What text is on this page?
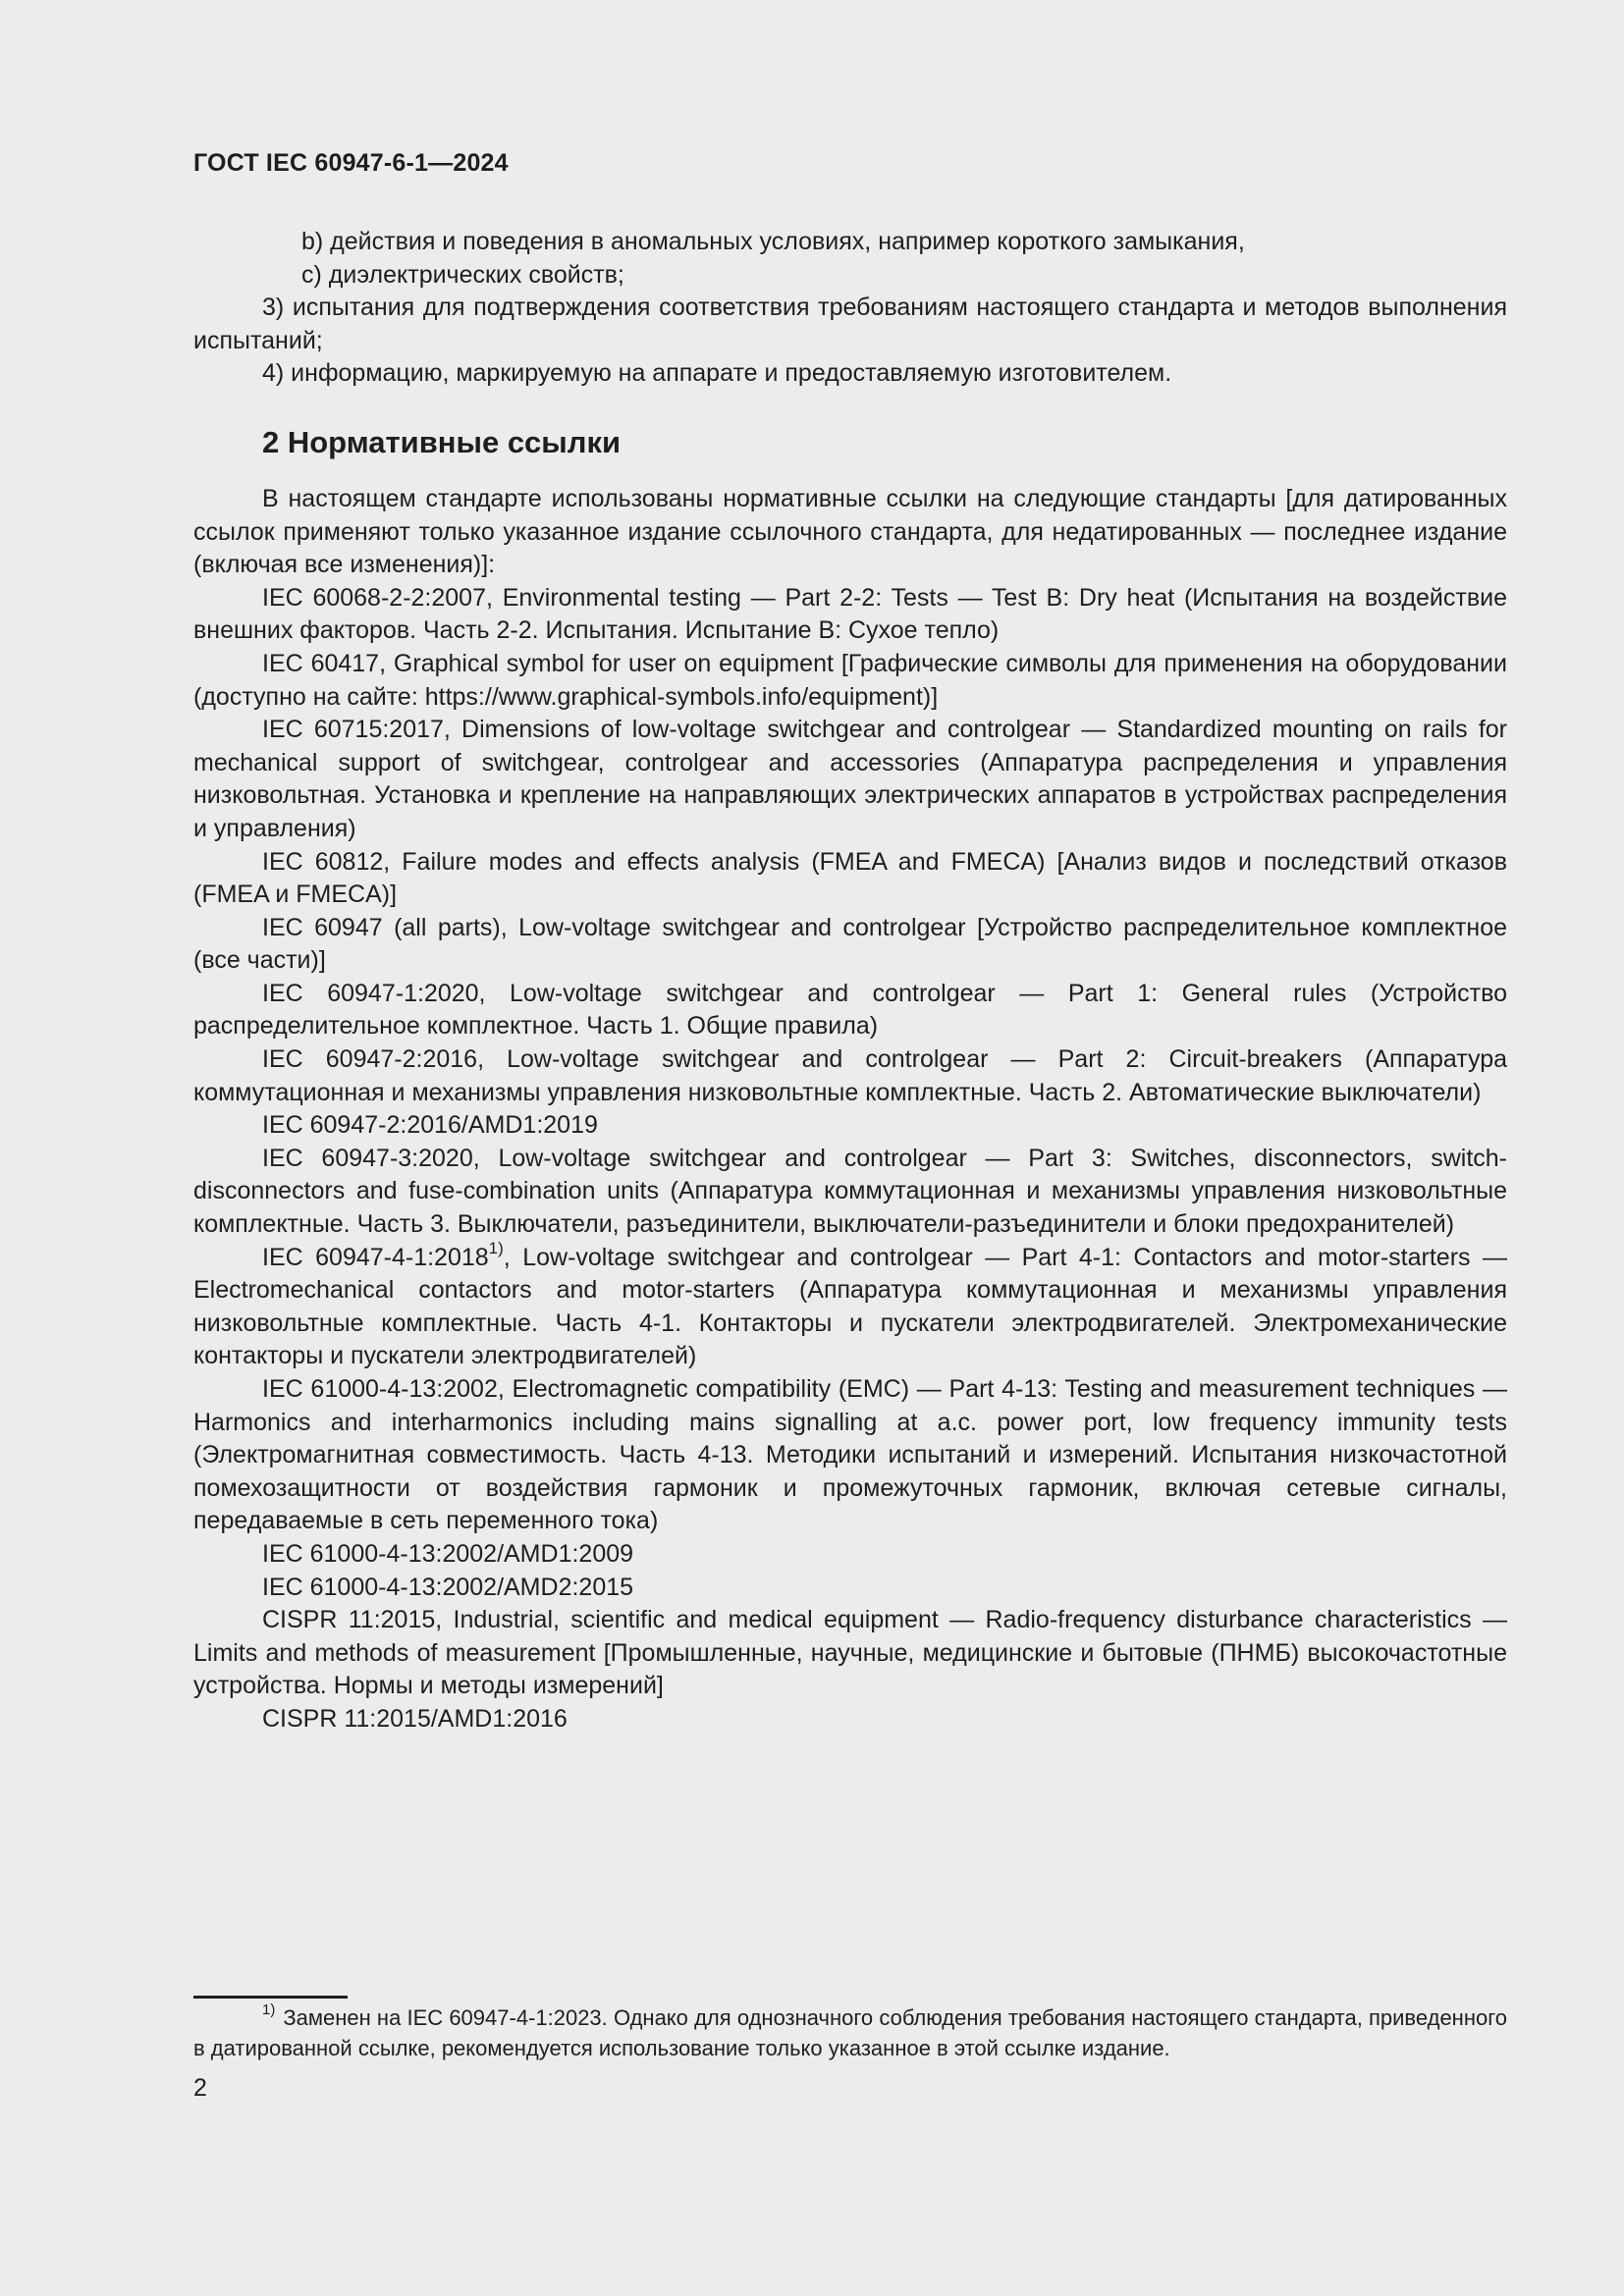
ГОСТ IEC 60947-6-1—2024

b) действия и поведения в аномальных условиях, например короткого замыкания,

c) диэлектрических свойств;

3) испытания для подтверждения соответствия требованиям настоящего стандарта и методов выполнения испытаний;

4) информацию, маркируемую на аппарате и предоставляемую изготовителем.

2 Нормативные ссылки

В настоящем стандарте использованы нормативные ссылки на следующие стандарты [для датированных ссылок применяют только указанное издание ссылочного стандарта, для недатированных — последнее издание (включая все изменения)]:

IEC 60068-2-2:2007, Environmental testing — Part 2-2: Tests — Test B: Dry heat (Испытания на воздействие внешних факторов. Часть 2-2. Испытания. Испытание B: Сухое тепло)

IEC 60417, Graphical symbol for user on equipment [Графические символы для применения на оборудовании (доступно на сайте: https://www.graphical-symbols.info/equipment)]

IEC 60715:2017, Dimensions of low-voltage switchgear and controlgear — Standardized mounting on rails for mechanical support of switchgear, controlgear and accessories (Аппаратура распределения и управления низковольтная. Установка и крепление на направляющих электрических аппаратов в устройствах распределения и управления)

IEC 60812, Failure modes and effects analysis (FMEA and FMECA) [Анализ видов и последствий отказов (FMEA и FMECA)]

IEC 60947 (all parts), Low-voltage switchgear and controlgear [Устройство распределительное комплектное (все части)]

IEC 60947-1:2020, Low-voltage switchgear and controlgear — Part 1: General rules (Устройство распределительное комплектное. Часть 1. Общие правила)

IEC 60947-2:2016, Low-voltage switchgear and controlgear — Part 2: Circuit-breakers (Аппаратура коммутационная и механизмы управления низковольтные комплектные. Часть 2. Автоматические выключатели)

IEC 60947-2:2016/AMD1:2019

IEC 60947-3:2020, Low-voltage switchgear and controlgear — Part 3: Switches, disconnectors, switch-disconnectors and fuse-combination units (Аппаратура коммутационная и механизмы управления низковольтные комплектные. Часть 3. Выключатели, разъединители, выключатели-разъединители и блоки предохранителей)

IEC 60947-4-1:2018$^{1)}$, Low-voltage switchgear and controlgear — Part 4-1: Contactors and motor-starters — Electromechanical contactors and motor-starters (Аппаратура коммутационная и механизмы управления низковольтные комплектные. Часть 4-1. Контакторы и пускатели электродвигателей. Электромеханические контакторы и пускатели электродвигателей)

IEC 61000-4-13:2002, Electromagnetic compatibility (EMC) — Part 4-13: Testing and measurement techniques — Harmonics and interharmonics including mains signalling at a.c. power port, low frequency immunity tests (Электромагнитная совместимость. Часть 4-13. Методики испытаний и измерений. Испытания низкочастотной помехозащитности от воздействия гармоник и промежуточных гармоник, включая сетевые сигналы, передаваемые в сеть переменного тока)

IEC 61000-4-13:2002/AMD1:2009

IEC 61000-4-13:2002/AMD2:2015

CISPR 11:2015, Industrial, scientific and medical equipment — Radio-frequency disturbance characteristics — Limits and methods of measurement [Промышленные, научные, медицинские и бытовые (ПНМБ) высокочастотные устройства. Нормы и методы измерений]

CISPR 11:2015/AMD1:2016

$^{1)}$ Заменен на IEC 60947-4-1:2023. Однако для однозначного соблюдения требования настоящего стандарта, приведенного в датированной ссылке, рекомендуется использование только указанное в этой ссылке издание.

2
